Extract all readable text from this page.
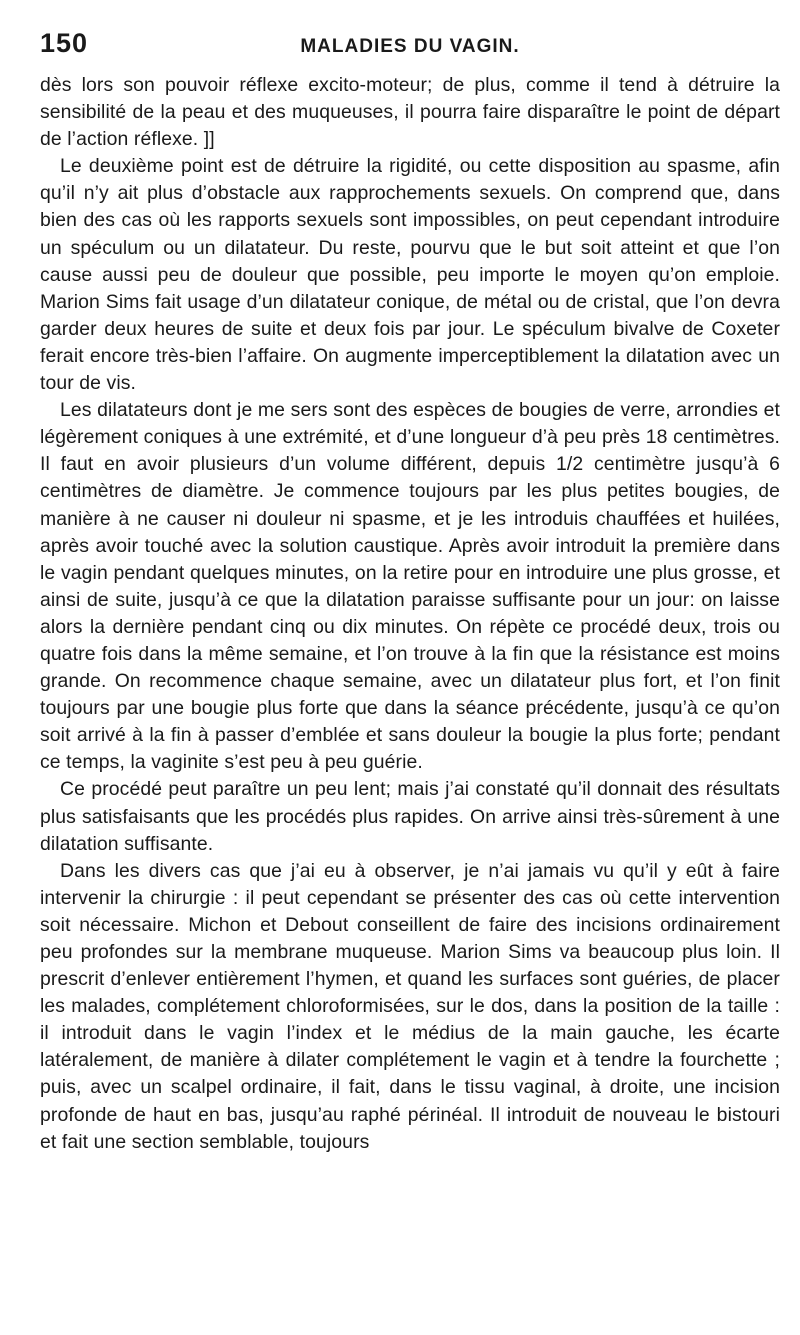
150	MALADIES DU VAGIN.

dès lors son pouvoir réflexe excito-moteur; de plus, comme il tend à détruire la sensibilité de la peau et des muqueuses, il pourra faire disparaître le point de départ de l’action réflexe. ]]

Le deuxième point est de détruire la rigidité, ou cette disposition au spasme, afin qu’il n’y ait plus d’obstacle aux rapprochements sexuels. On comprend que, dans bien des cas où les rapports sexuels sont impossibles, on peut cependant introduire un spéculum ou un dilatateur. Du reste, pourvu que le but soit atteint et que l’on cause aussi peu de douleur que possible, peu importe le moyen qu’on emploie. Marion Sims fait usage d’un dilatateur conique, de métal ou de cristal, que l’on devra garder deux heures de suite et deux fois par jour. Le spéculum bivalve de Coxeter ferait encore très-bien l’affaire. On augmente imperceptiblement la dilatation avec un tour de vis.

Les dilatateurs dont je me sers sont des espèces de bougies de verre, arrondies et légèrement coniques à une extrémité, et d’une longueur d’à peu près 18 centimètres. Il faut en avoir plusieurs d’un volume différent, depuis 1/2 centimètre jusqu’à 6 centimètres de diamètre. Je commence toujours par les plus petites bougies, de manière à ne causer ni douleur ni spasme, et je les introduis chauffées et huilées, après avoir touché avec la solution caustique. Après avoir introduit la première dans le vagin pendant quelques minutes, on la retire pour en introduire une plus grosse, et ainsi de suite, jusqu’à ce que la dilatation paraisse suffisante pour un jour: on laisse alors la dernière pendant cinq ou dix minutes. On répète ce procédé deux, trois ou quatre fois dans la même semaine, et l’on trouve à la fin que la résistance est moins grande. On recommence chaque semaine, avec un dilatateur plus fort, et l’on finit toujours par une bougie plus forte que dans la séance précédente, jusqu’à ce qu’on soit arrivé à la fin à passer d’emblée et sans douleur la bougie la plus forte; pendant ce temps, la vaginite s’est peu à peu guérie.

Ce procédé peut paraître un peu lent; mais j’ai constaté qu’il donnait des résultats plus satisfaisants que les procédés plus rapides. On arrive ainsi très-sûrement à une dilatation suffisante.

Dans les divers cas que j’ai eu à observer, je n’ai jamais vu qu’il y eût à faire intervenir la chirurgie : il peut cependant se présenter des cas où cette intervention soit nécessaire. Michon et Debout conseillent de faire des incisions ordinairement peu profondes sur la membrane muqueuse. Marion Sims va beaucoup plus loin. Il prescrit d’enlever entièrement l’hymen, et quand les surfaces sont guéries, de placer les malades, complétement chloroformisées, sur le dos, dans la position de la taille : il introduit dans le vagin l’index et le médius de la main gauche, les écarte latéralement, de manière à dilater complétement le vagin et à tendre la fourchette ; puis, avec un scalpel ordinaire, il fait, dans le tissu vaginal, à droite, une incision profonde de haut en bas, jusqu’au raphé périnéal. Il introduit de nouveau le bistouri et fait une section semblable, toujours
